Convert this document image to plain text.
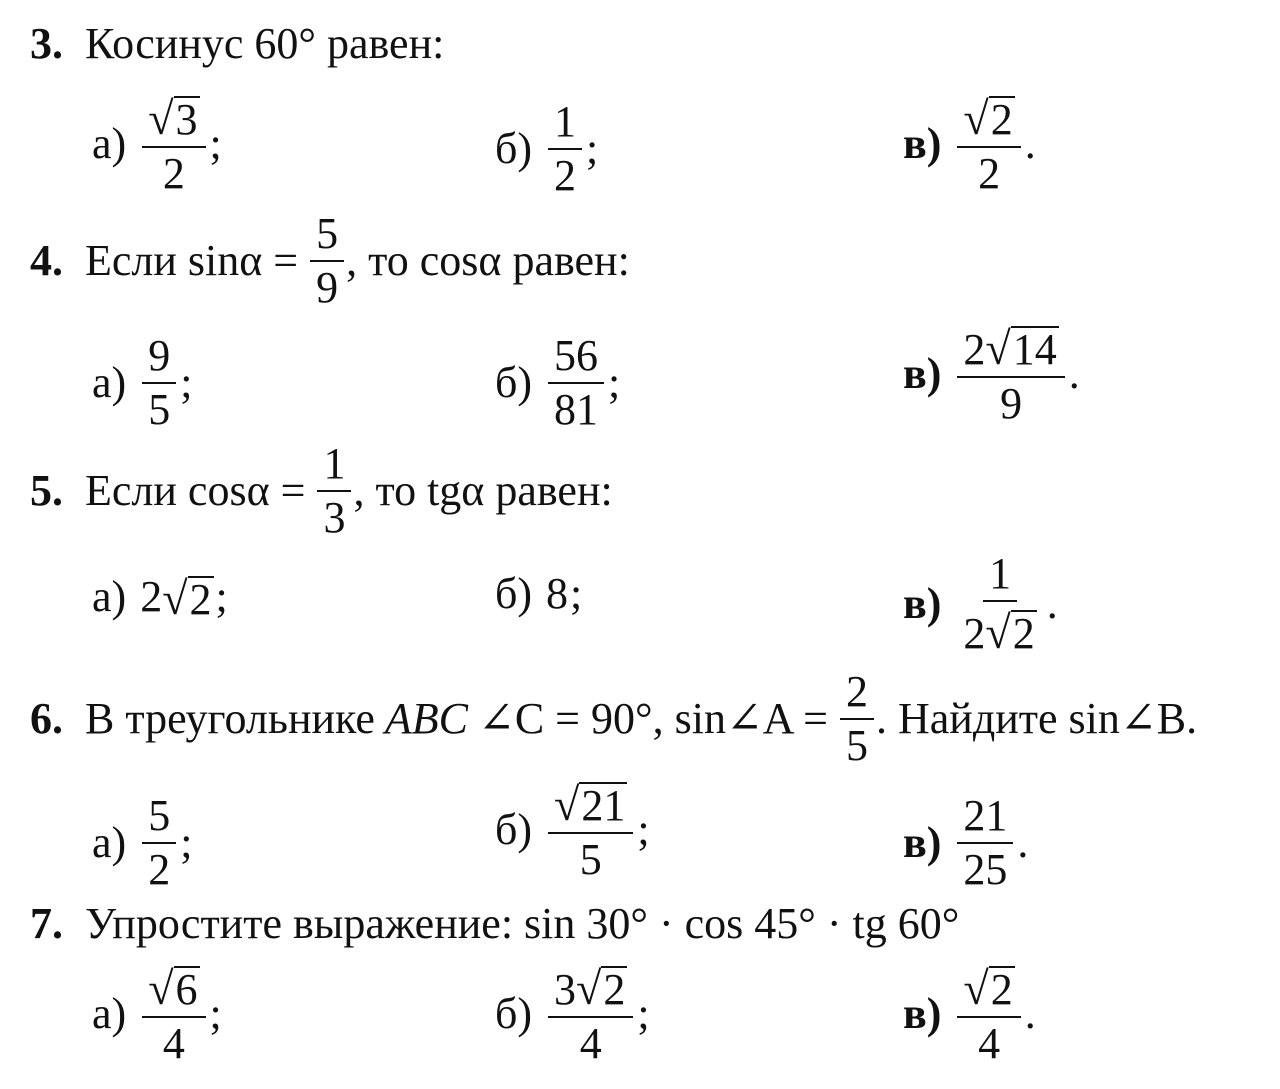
3. Косинус 60° равен:
$а) \frac{√ 3}{2}$ ;	$б) \frac{1}{2}$ ;	$в) \frac{√ 2}{2}$ .
4. Если $\sin\alpha = \frac{5}{9}$ , то cosα равен:
$а) \frac{9}{5}$ ;	$б) \frac{56}{81}$ ;	$в) \frac{2 √ 14}{9}$ .
5. Если $\cos\alpha = \frac{1}{3}$ , то tgα равен:
а) 2 √ 2 ;	б) 8 ;	$в) \frac{1}{2 √ 2}$ .
6. В треугольнике ABC ∠C = 90°, sin∠A = $\frac{2}{5}$ . Найдите sin∠B.
$а) \frac{5}{2}$ ;	$б) \frac{√ 21}{5}$ ;	$в) \frac{21}{25}$ .
7. Упростите выражение: sin 30° · cos 45° · tg 60°
$а) \frac{√ 6}{4}$ ;	$б) \frac{3 √ 2}{4}$ ;	$в) \frac{√ 2}{4}$ .
